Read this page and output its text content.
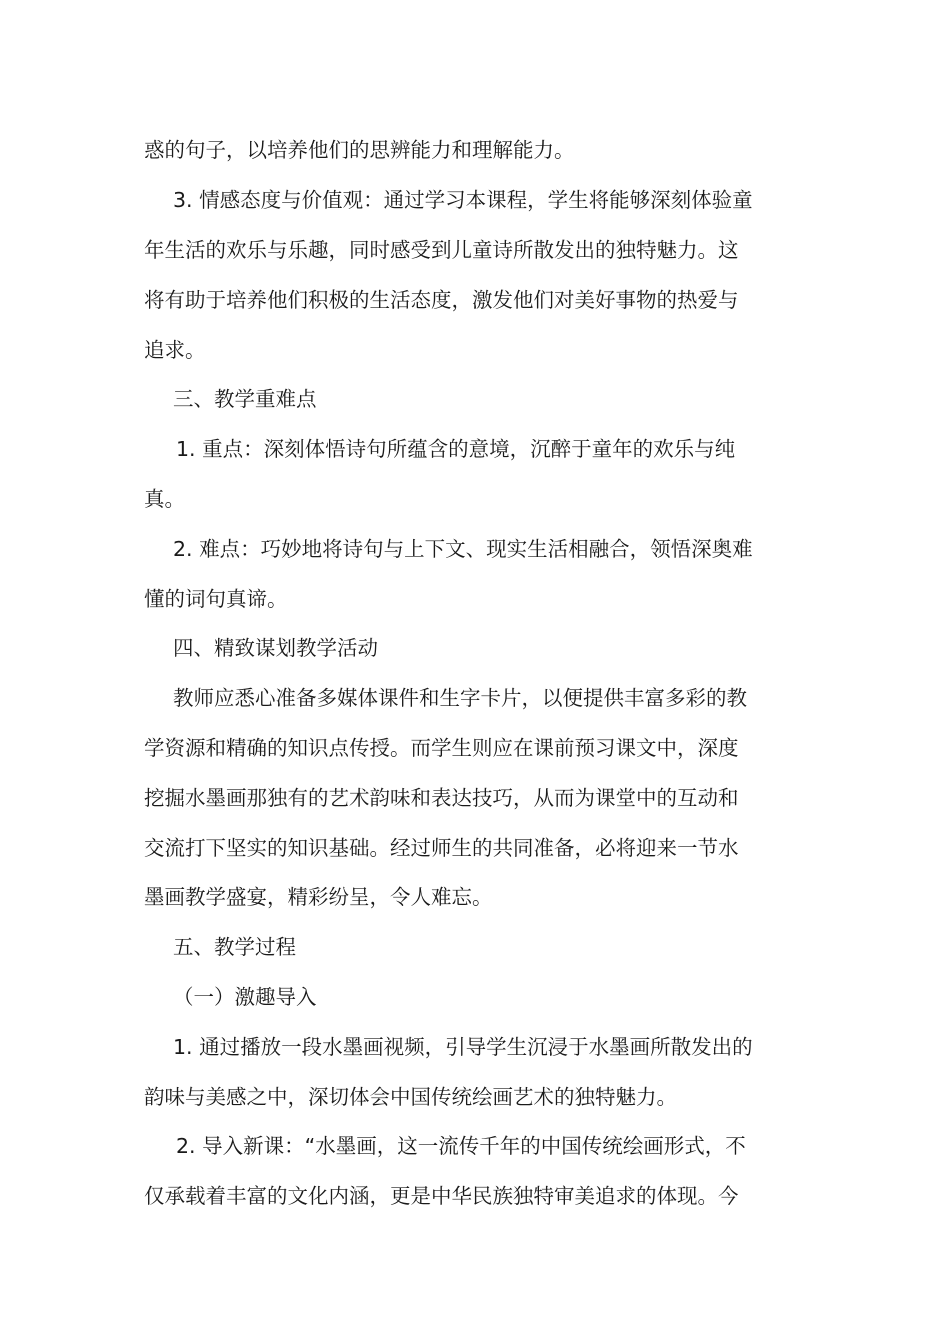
惑的句子，以培养他们的思辨能力和理解能力。
3. 情感态度与价值观：通过学习本课程，学生将能够深刻体验童
年生活的欢乐与乐趣，同时感受到儿童诗所散发出的独特魅力。这
将有助于培养他们积极的生活态度，激发他们对美好事物的热爱与
追求。
三、教学重难点
1. 重点：深刻体悟诗句所蕴含的意境，沉醉于童年的欢乐与纯
真。
2. 难点：巧妙地将诗句与上下文、现实生活相融合，领悟深奥难
懂的词句真谛。
四、精致谋划教学活动
教师应悉心准备多媒体课件和生字卡片，以便提供丰富多彩的教
学资源和精确的知识点传授。而学生则应在课前预习课文中，深度
挖掘水墨画那独有的艺术韵味和表达技巧，从而为课堂中的互动和
交流打下坚实的知识基础。经过师生的共同准备，必将迎来一节水
墨画教学盛宴，精彩纷呈，令人难忘。
五、教学过程
（一）激趣导入
1. 通过播放一段水墨画视频，引导学生沉浸于水墨画所散发出的
韵味与美感之中，深切体会中国传统绘画艺术的独特魅力。
2. 导入新课：“水墨画，这一流传千年的中国传统绘画形式，不
仅承载着丰富的文化内涵，更是中华民族独特审美追求的体现。今
